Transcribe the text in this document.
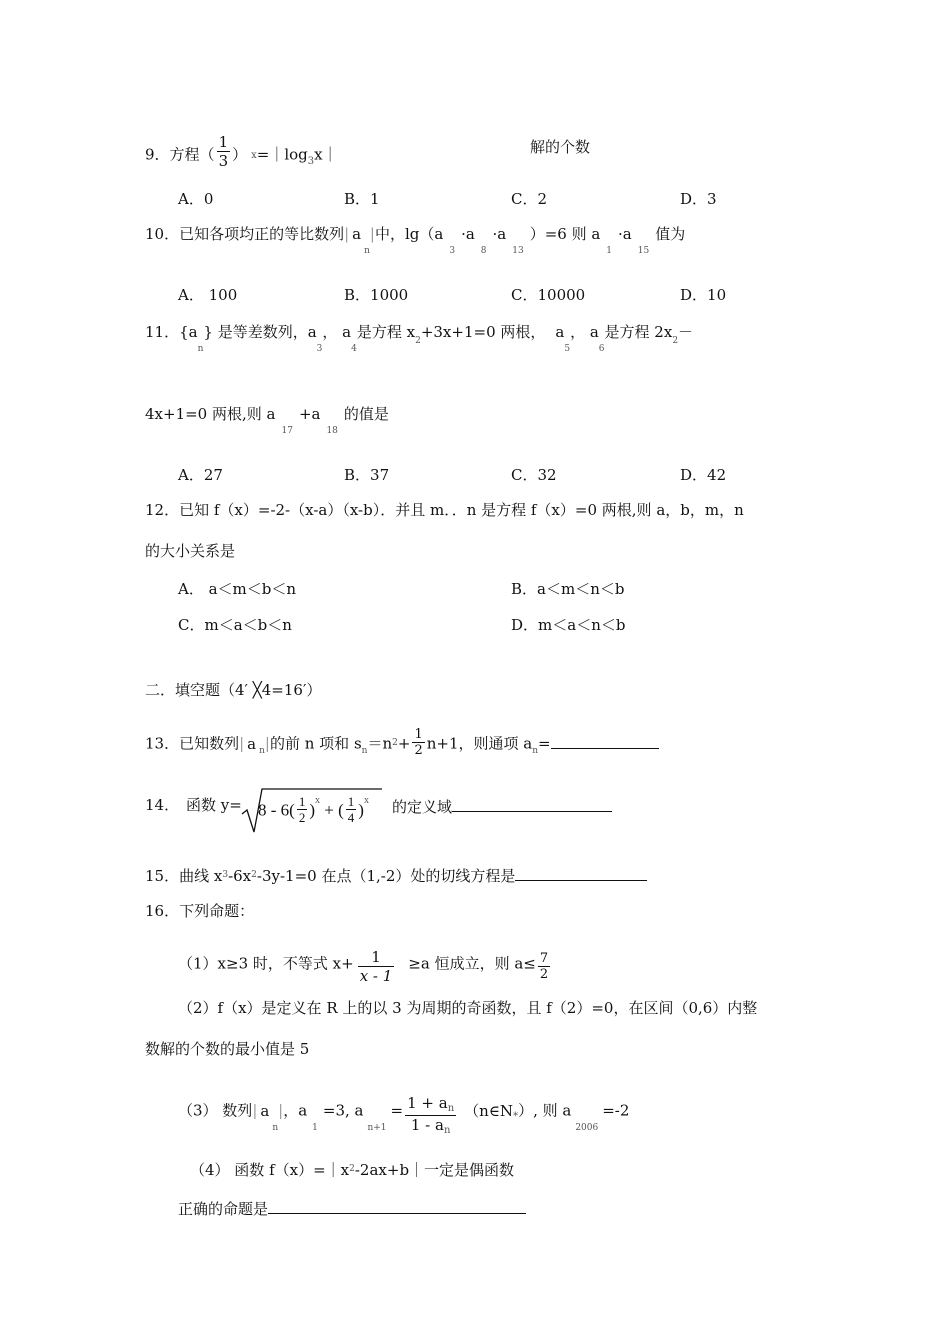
9．方程（ $\frac{1}{3}$ ） $x=|\log_3x|$	解的个数
A．0	B．1	C．2	D．3
10．已知各项均正的等比数列| $a_n|$中，$\lg(a_3\cdot a_8\cdot a_{13})=6$ 则 $a_1\cdot a_{15}$值为
A． 100	B．1000	C．10000	D．10
11．$\{a_n\}$ 是等差数列，$a_3$， $a_4$是方程 $x_2+3x+1=0$ 两根， $a_5$， $a_6$是方程 $2x_2-$
4x+1=0 两根,则 $a_{17}+a_{18}$的值是
A．27	B．37	C．32	D．42
12．已知 f（x）=-2-（x-a）（x-b）．并且 m．．n 是方程 f（x）=0 两根,则 a，b，m，n
的大小关系是
A． a＜m＜b＜n	B．a＜m＜n＜b
C．m＜a＜b＜n	D．m＜a＜n＜b
二．填空题（4′ ╳4=16′）
13．已知数列| a $_n$|的前 n 项和 $s_n=n^2+ \frac{1}{2} n+1$，则通项 $a_n=$
14． 函数 $y= 8 - 6( \frac{1}{2} )^x$ + ( $\frac{1}{4} )^x$ 的定义域
15．曲线 $x^3-6x^2-3y-1=0$ 在点（1,-2）处的切线方程是
16．下列命题：
（1）x≥3 时，不等式 $x+ \frac{1}{x - 1} \ge a$ 恒成立，则 $a\le \frac{7}{2}$
（2）f（x）是定义在 R 上的以 3 为周期的奇函数，且 f（2）=0，在区间（0,6）内整
数解的个数的最小值是 5
（3） 数列| $a_n|$，$a_1=3$, $a_{n+1}= \frac{1 + a_n}{1 - a_n}$ $(n\in N_*)$, 则 $a_{2006}=-2$
（4） 函数 $f(x)=|x^2-2ax+b|$一定是偶函数
正确的命题是
